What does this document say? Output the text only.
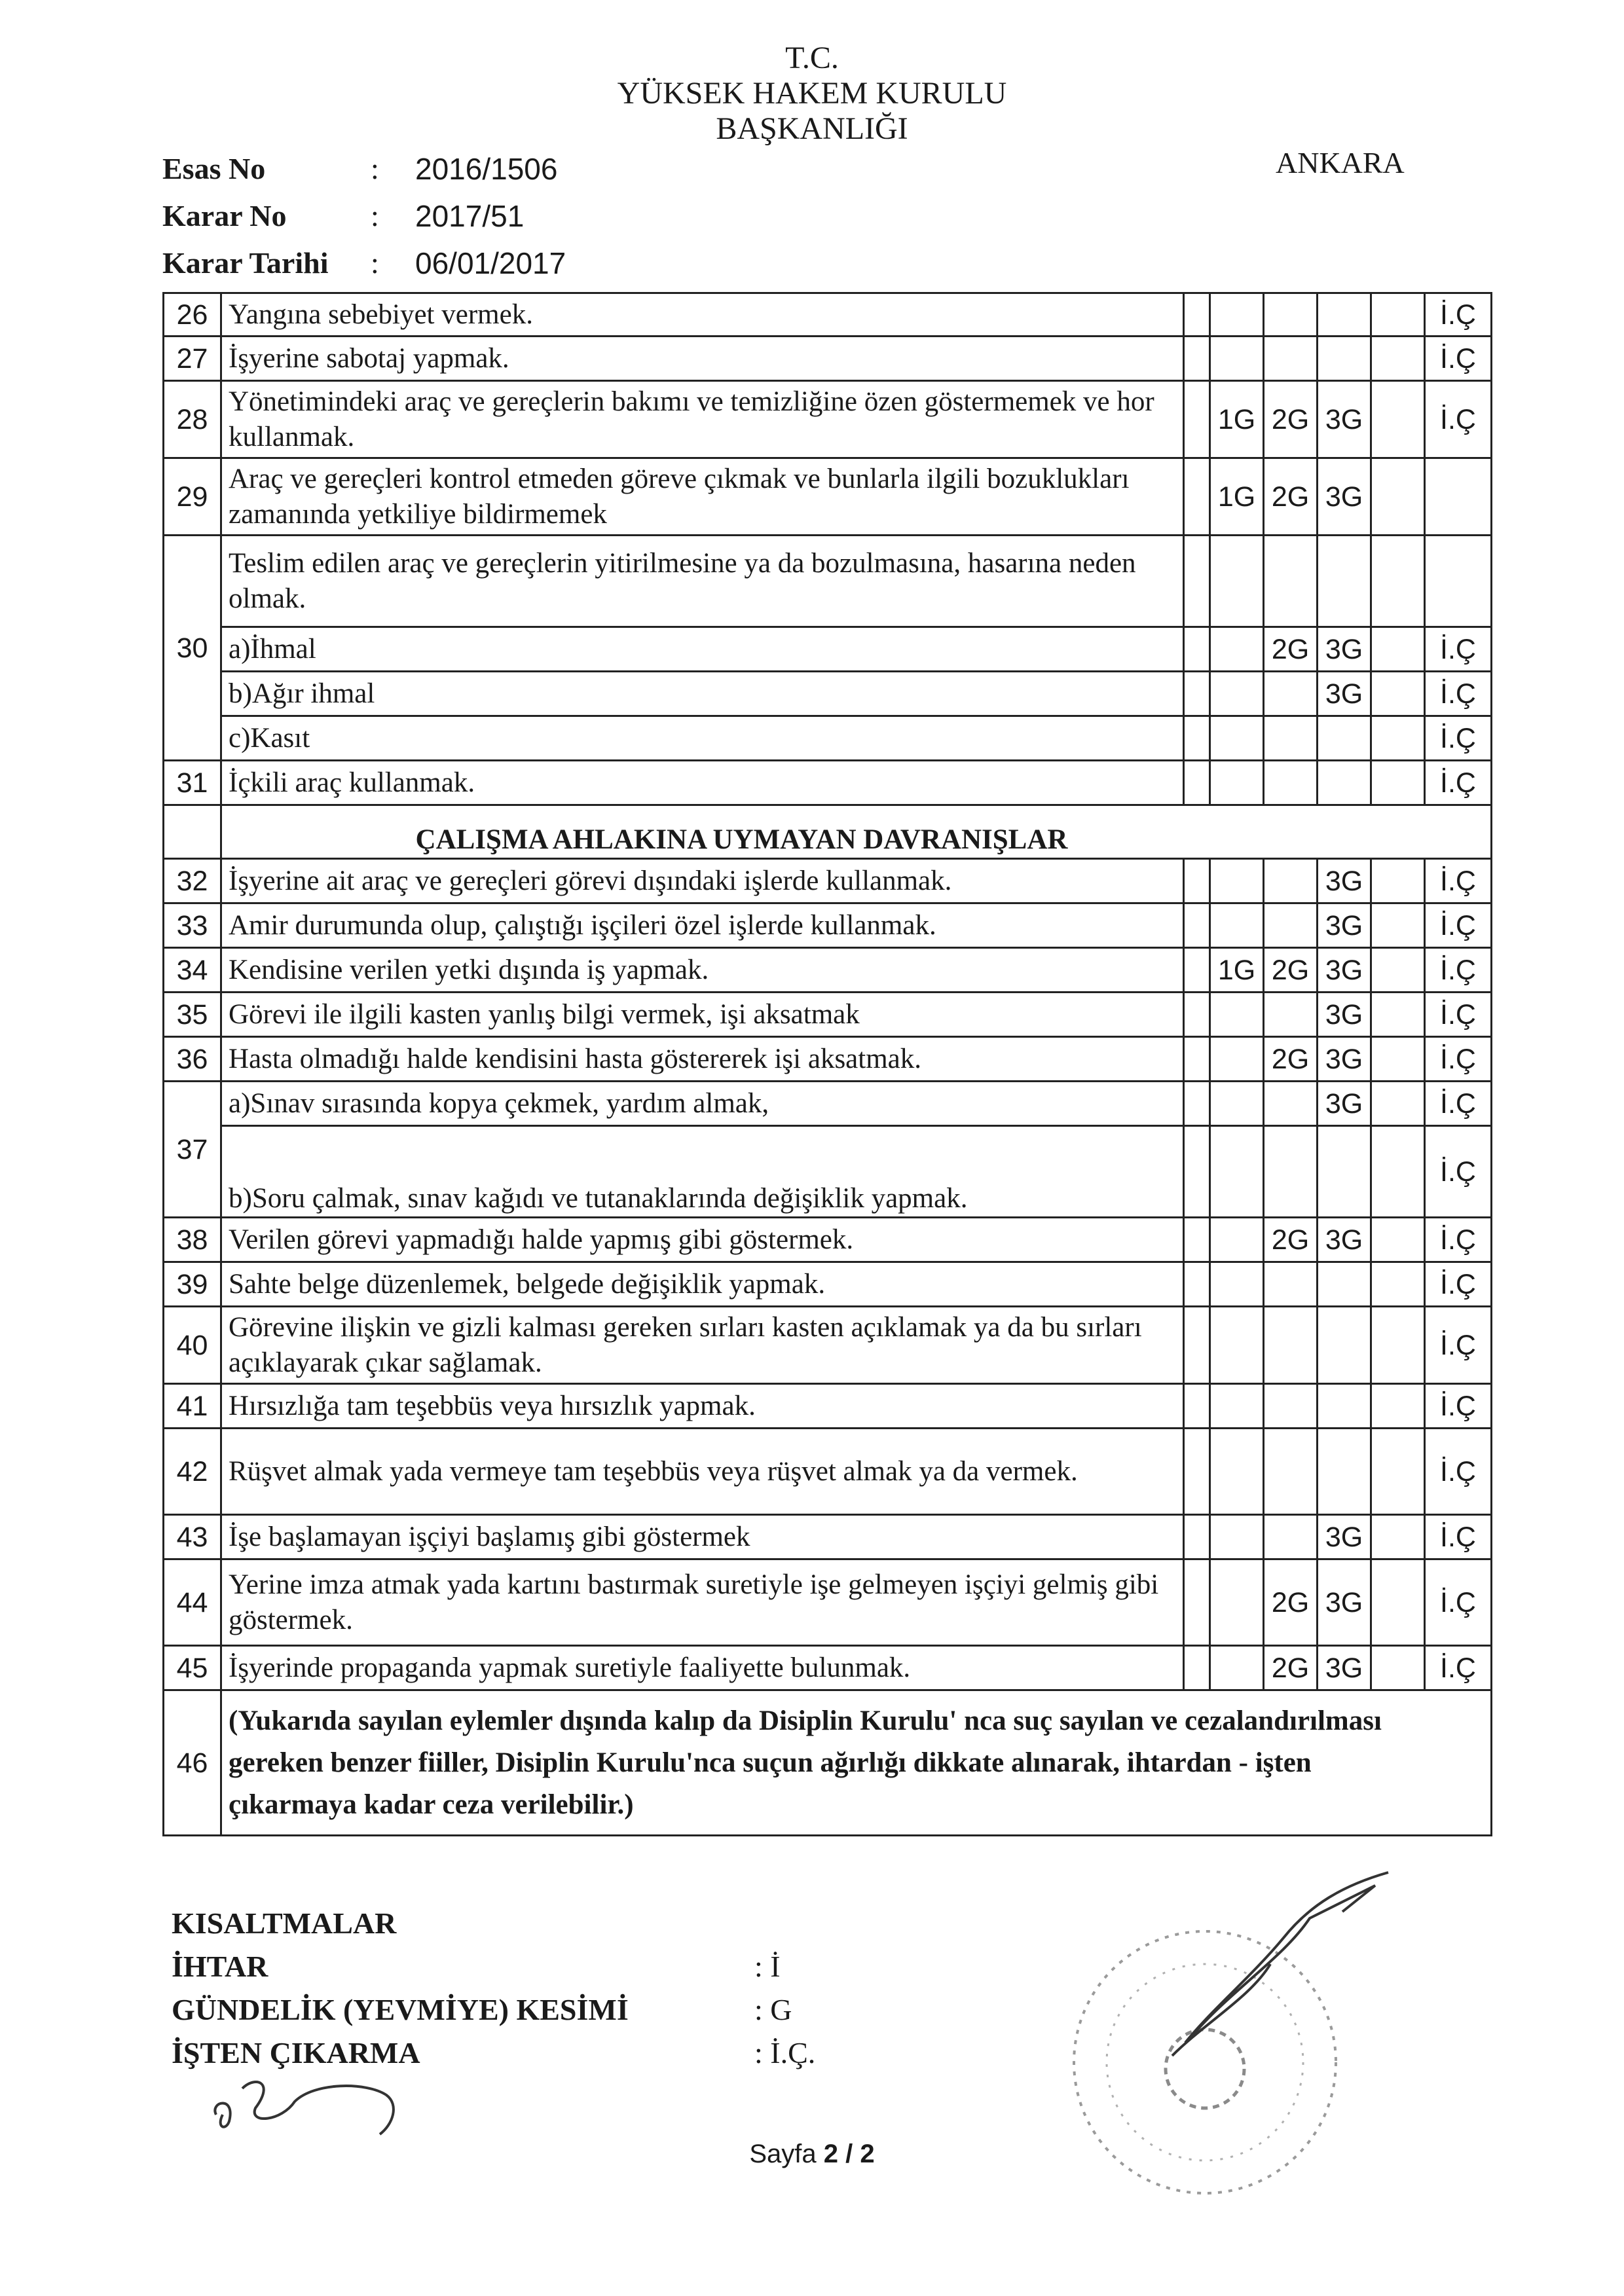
T.C.
YÜKSEK HAKEM KURULU
BAŞKANLIĞI
Esas No	:	2016/1506
Karar No	:	2017/51
Karar Tarihi	:	06/01/2017
ANKARA
26	Yangına sebebiyet vermek.						İ.Ç
27	İşyerine sabotaj yapmak.						İ.Ç
28	Yönetimindeki araç ve gereçlerin bakımı ve temizliğine özen göstermemek ve hor kullanmak.		1G	2G	3G		İ.Ç
29	Araç ve gereçleri kontrol etmeden göreve çıkmak ve bunlarla ilgili bozuklukları zamanında yetkiliye bildirmemek		1G	2G	3G		
30	Teslim edilen araç ve gereçlerin yitirilmesine ya da bozulmasına, hasarına neden olmak.						
	a)İhmal			2G	3G		İ.Ç
	b)Ağır ihmal				3G		İ.Ç
	c)Kasıt						İ.Ç
31	İçkili araç kullanmak.						İ.Ç
	ÇALIŞMA AHLAKINA UYMAYAN DAVRANIŞLAR						
32	İşyerine ait araç ve gereçleri görevi dışındaki işlerde kullanmak.				3G		İ.Ç
33	Amir durumunda olup, çalıştığı işçileri özel işlerde kullanmak.				3G		İ.Ç
34	Kendisine verilen yetki dışında iş yapmak.		1G	2G	3G		İ.Ç
35	Görevi ile ilgili kasten yanlış bilgi vermek, işi aksatmak				3G		İ.Ç
36	Hasta olmadığı halde kendisini hasta göstererek işi aksatmak.			2G	3G		İ.Ç
37	a)Sınav sırasında kopya çekmek, yardım almak,				3G		İ.Ç
	b)Soru çalmak, sınav kağıdı ve tutanaklarında değişiklik yapmak.						İ.Ç
38	Verilen görevi yapmadığı halde yapmış gibi göstermek.			2G	3G		İ.Ç
39	Sahte belge düzenlemek, belgede değişiklik yapmak.						İ.Ç
40	Görevine ilişkin ve gizli kalması gereken sırları kasten açıklamak ya da bu sırları açıklayarak çıkar sağlamak.						İ.Ç
41	Hırsızlığa tam teşebbüs veya hırsızlık yapmak.						İ.Ç
42	Rüşvet almak yada vermeye tam teşebbüs veya rüşvet almak ya da vermek.						İ.Ç
43	İşe başlamayan işçiyi başlamış gibi göstermek				3G		İ.Ç
44	Yerine imza atmak yada kartını bastırmak suretiyle işe gelmeyen işçiyi gelmiş gibi göstermek.			2G	3G		İ.Ç
45	İşyerinde propaganda yapmak suretiyle faaliyette bulunmak.			2G	3G		İ.Ç
46	(Yukarıda sayılan eylemler dışında kalıp da Disiplin Kurulu' nca suç sayılan ve cezalandırılması gereken benzer fiiller, Disiplin Kurulu'nca suçun ağırlığı dikkate alınarak, ihtardan - işten çıkarmaya kadar ceza verilebilir.)						
KISALTMALAR
İHTAR	: İ
GÜNDELİK (YEVMİYE) KESİMİ	: G
İŞTEN ÇIKARMA	: İ.Ç.
Sayfa 2 / 2
